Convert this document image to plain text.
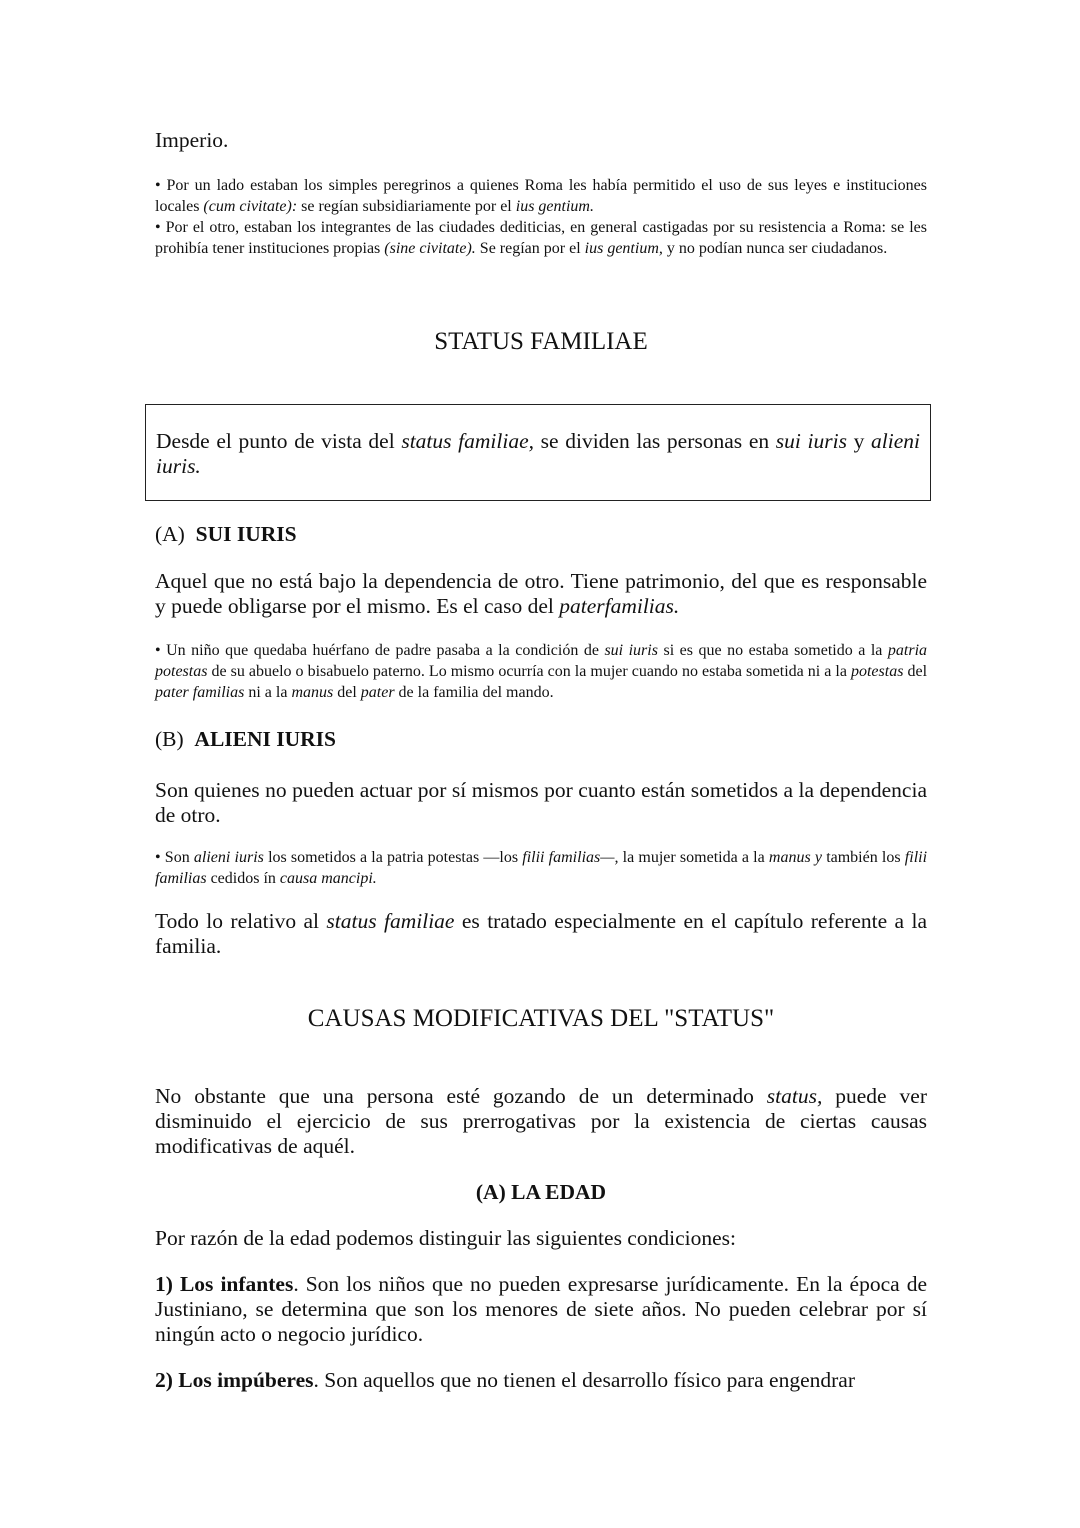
Imperio.

• Por un lado estaban los simples peregrinos a quienes Roma les había permitido el uso de sus leyes e instituciones locales (cum civitate): se regían subsidiariamente por el ius gentium.

• Por el otro, estaban los integrantes de las ciudades dediticias, en general castigadas por su resistencia a Roma: se les prohibía tener instituciones propias (sine civitate). Se regían por el ius gentium, y no podían nunca ser ciudadanos.

STATUS FAMILIAE
Desde el punto de vista del status familiae, se dividen las personas en sui iuris y alieni iuris.

(A) SUI IURIS

Aquel que no está bajo la dependencia de otro. Tiene patrimonio, del que es responsable y puede obligarse por el mismo. Es el caso del paterfamilias.

• Un niño que quedaba huérfano de padre pasaba a la condición de sui iuris si es que no estaba sometido a la patria potestas de su abuelo o bisabuelo paterno. Lo mismo ocurría con la mujer cuando no estaba sometida ni a la potestas del pater familias ni a la manus del pater de la familia del mando.

(B) ALIENI IURIS

Son quienes no pueden actuar por sí mismos por cuanto están sometidos a la dependencia de otro.

• Son alieni iuris los sometidos a la patria potestas —los filii familias—, la mujer sometida a la manus y también los filii familias cedidos ín causa mancipi.

Todo lo relativo al status familiae es tratado especialmente en el capítulo referente a la familia.

CAUSAS MODIFICATIVAS DEL "STATUS"

No obstante que una persona esté gozando de un determinado status, puede ver disminuido el ejercicio de sus prerrogativas por la existencia de ciertas causas modificativas de aquél.

(A) LA EDAD

Por razón de la edad podemos distinguir las siguientes condiciones:

1) Los infantes. Son los niños que no pueden expresarse jurídicamente. En la época de Justiniano, se determina que son los menores de siete años. No pueden celebrar por sí ningún acto o negocio jurídico.

2) Los impúberes. Son aquellos que no tienen el desarrollo físico para engendrar
